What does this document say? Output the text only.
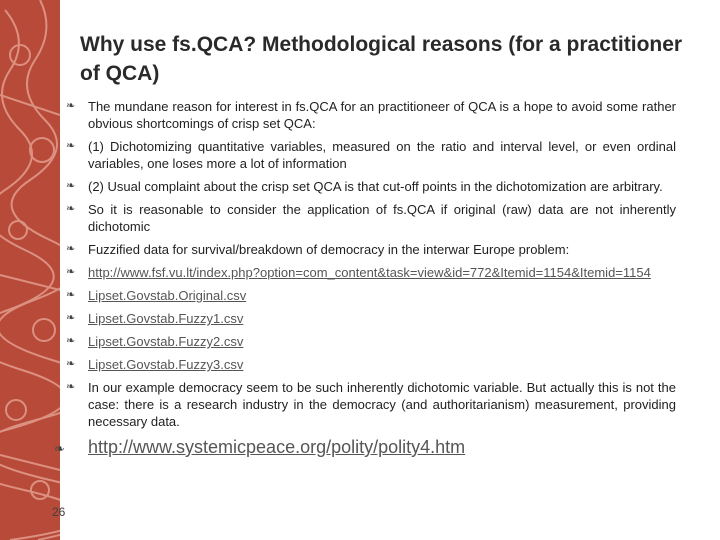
Why use fs.QCA? Methodological reasons (for a practitioner of QCA)
❧ The mundane reason for interest in fs.QCA for an practitioneer of QCA is a hope to avoid some rather obvious shortcomings of crisp set QCA:
❧ (1) Dichotomizing quantitative variables, measured on the ratio and interval level, or even ordinal variables, one loses more a lot of information
❧ (2) Usual complaint about the crisp set QCA is that cut-off points in the dichotomization are arbitrary.
❧ So it is reasonable to consider the application of fs.QCA if original (raw) data are not inherently dichotomic
❧ Fuzzified data for survival/breakdown of democracy in the interwar Europe problem:
❧ http://www.fsf.vu.lt/index.php?option=com_content&task=view&id=772&Itemid=1154&Itemid=1154
❧ Lipset.Govstab.Original.csv
❧ Lipset.Govstab.Fuzzy1.csv
❧ Lipset.Govstab.Fuzzy2.csv
❧ Lipset.Govstab.Fuzzy3.csv
❧ In our example democracy seem to be such inherently dichotomic variable. But actually this is not the case: there is a research industry in the democracy (and authoritarianism) measurement, providing necessary data.
❧ http://www.systemicpeace.org/polity/polity4.htm
26
